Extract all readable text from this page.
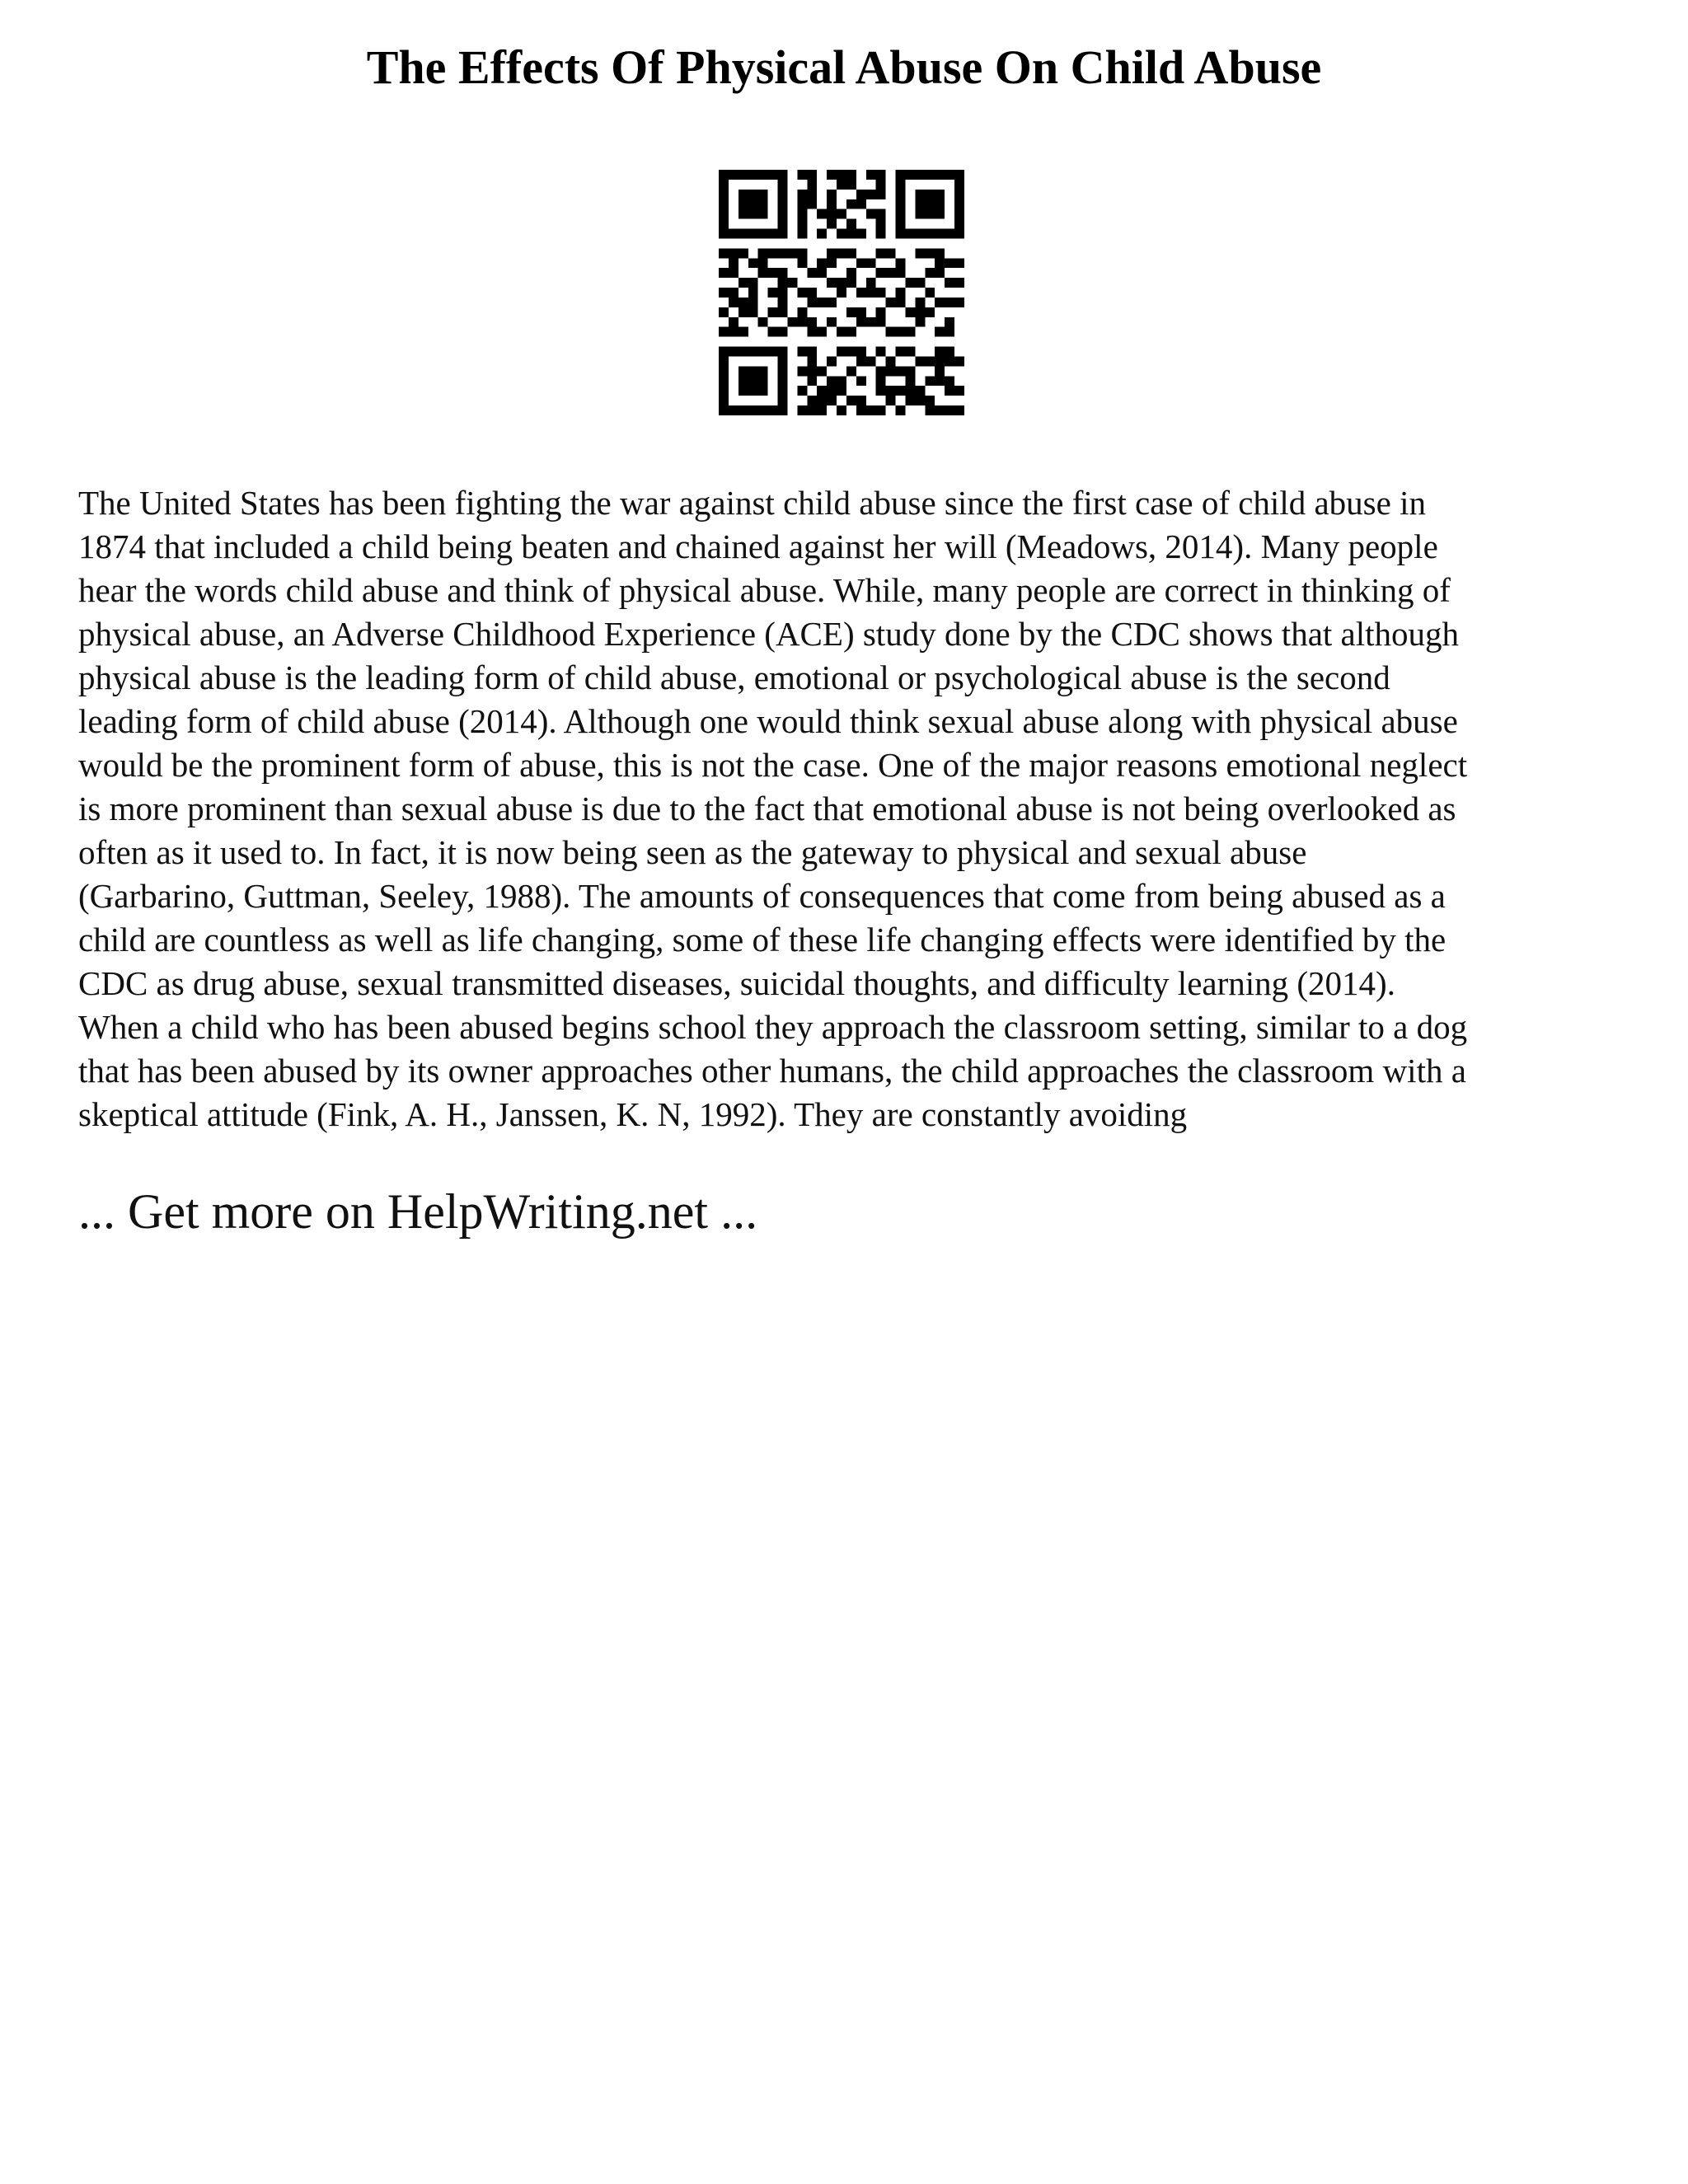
The Effects Of Physical Abuse On Child Abuse
The United States has been fighting the war against child abuse since the first case of child abuse in
1874 that included a child being beaten and chained against her will (Meadows, 2014). Many people
hear the words child abuse and think of physical abuse. While, many people are correct in thinking of
physical abuse, an Adverse Childhood Experience (ACE) study done by the CDC shows that although
physical abuse is the leading form of child abuse, emotional or psychological abuse is the second
leading form of child abuse (2014). Although one would think sexual abuse along with physical abuse
would be the prominent form of abuse, this is not the case. One of the major reasons emotional neglect
is more prominent than sexual abuse is due to the fact that emotional abuse is not being overlooked as
often as it used to. In fact, it is now being seen as the gateway to physical and sexual abuse
(Garbarino, Guttman, Seeley, 1988). The amounts of consequences that come from being abused as a
child are countless as well as life changing, some of these life changing effects were identified by the
CDC as drug abuse, sexual transmitted diseases, suicidal thoughts, and difficulty learning (2014).
When a child who has been abused begins school they approach the classroom setting, similar to a dog
that has been abused by its owner approaches other humans, the child approaches the classroom with a
skeptical attitude (Fink, A. H., Janssen, K. N, 1992). They are constantly avoiding
... Get more on HelpWriting.net ...
